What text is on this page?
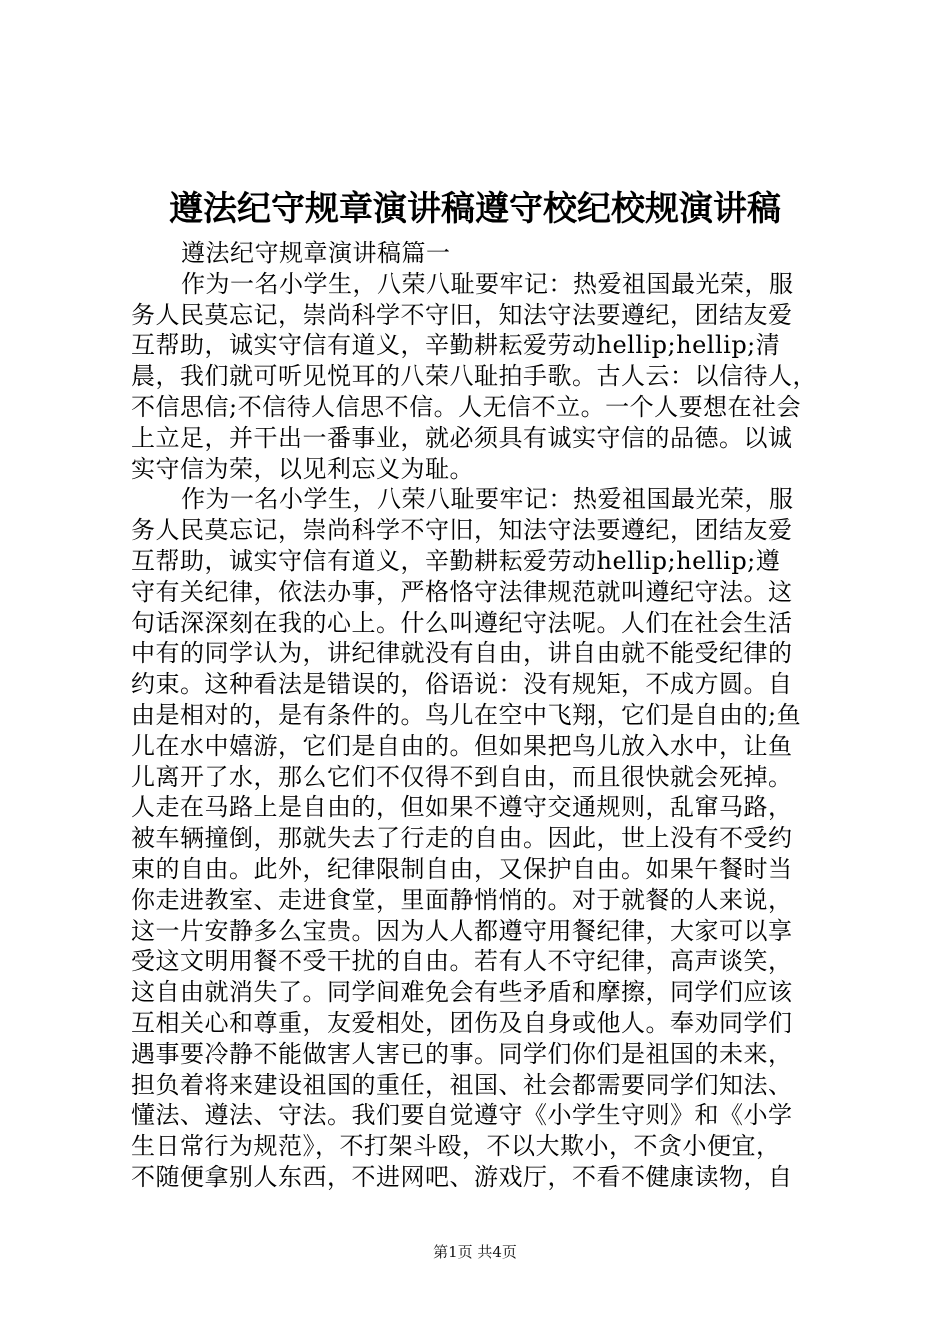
遵法纪守规章演讲稿遵守校纪校规演讲稿
遵法纪守规章演讲稿篇一
作为一名小学生，八荣八耻要牢记：热爱祖国最光荣，服
务人民莫忘记，崇尚科学不守旧，知法守法要遵纪，团结友爱
互帮助，诚实守信有道义，辛勤耕耘爱劳动hellip;hellip;清
晨，我们就可听见悦耳的八荣八耻拍手歌。古人云：以信待人，
不信思信;不信待人信思不信。人无信不立。一个人要想在社会
上立足，并干出一番事业，就必须具有诚实守信的品德。以诚
实守信为荣，以见利忘义为耻。
作为一名小学生，八荣八耻要牢记：热爱祖国最光荣，服
务人民莫忘记，崇尚科学不守旧，知法守法要遵纪，团结友爱
互帮助，诚实守信有道义，辛勤耕耘爱劳动hellip;hellip;遵
守有关纪律，依法办事，严格恪守法律规范就叫遵纪守法。这
句话深深刻在我的心上。什么叫遵纪守法呢。人们在社会生活
中有的同学认为，讲纪律就没有自由，讲自由就不能受纪律的
约束。这种看法是错误的，俗语说：没有规矩，不成方圆。自
由是相对的，是有条件的。鸟儿在空中飞翔，它们是自由的;鱼
儿在水中嬉游，它们是自由的。但如果把鸟儿放入水中，让鱼
儿离开了水，那么它们不仅得不到自由，而且很快就会死掉。
人走在马路上是自由的，但如果不遵守交通规则，乱窜马路，
被车辆撞倒，那就失去了行走的自由。因此，世上没有不受约
束的自由。此外，纪律限制自由，又保护自由。如果午餐时当
你走进教室、走进食堂，里面静悄悄的。对于就餐的人来说，
这一片安静多么宝贵。因为人人都遵守用餐纪律，大家可以享
受这文明用餐不受干扰的自由。若有人不守纪律，高声谈笑，
这自由就消失了。同学间难免会有些矛盾和摩擦，同学们应该
互相关心和尊重，友爱相处，团伤及自身或他人。奉劝同学们
遇事要冷静不能做害人害已的事。同学们你们是祖国的未来，
担负着将来建设祖国的重任，祖国、社会都需要同学们知法、
懂法、遵法、守法。我们要自觉遵守《小学生守则》和《小学
生日常行为规范》，不打架斗殴，不以大欺小，不贪小便宜，
不随便拿别人东西，不进网吧、游戏厅，不看不健康读物，自
第1页 共4页
